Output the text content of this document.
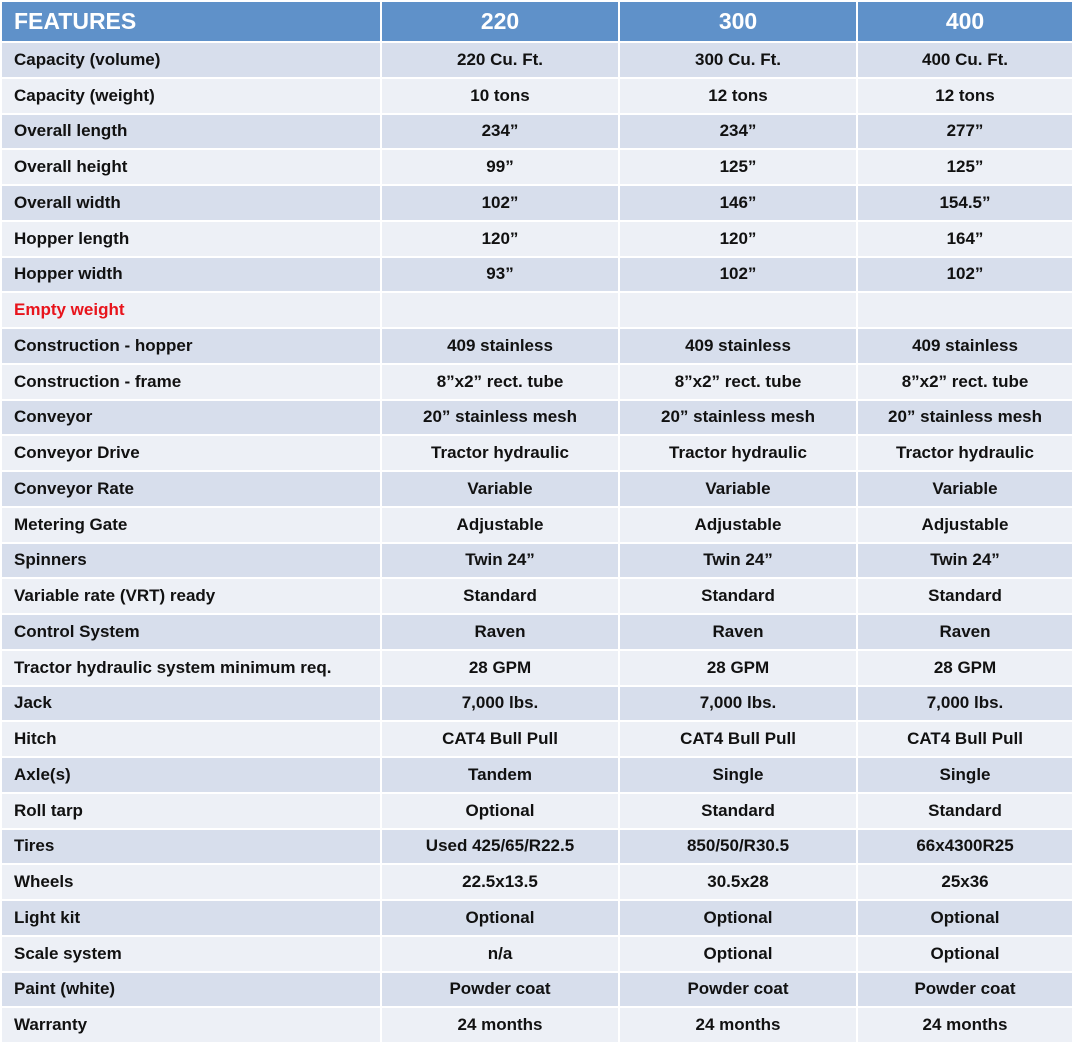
FEATURES	220	300	400
Capacity (volume)	220 Cu. Ft.	300 Cu. Ft.	400 Cu. Ft.
Capacity (weight)	10 tons	12 tons	12 tons
Overall length	234”	234”	277”
Overall height	99”	125”	125”
Overall width	102”	146”	154.5”
Hopper length	120”	120”	164”
Hopper width	93”	102”	102”
Empty weight			
Construction - hopper	409 stainless	409 stainless	409 stainless
Construction - frame	8”x2” rect. tube	8”x2” rect. tube	8”x2” rect. tube
Conveyor	20” stainless mesh	20” stainless mesh	20” stainless mesh
Conveyor Drive	Tractor hydraulic	Tractor hydraulic	Tractor hydraulic
Conveyor Rate	Variable	Variable	Variable
Metering Gate	Adjustable	Adjustable	Adjustable
Spinners	Twin 24”	Twin 24”	Twin 24”
Variable rate (VRT) ready	Standard	Standard	Standard
Control System	Raven	Raven	Raven
Tractor hydraulic system minimum req.	28 GPM	28 GPM	28 GPM
Jack	7,000 lbs.	7,000 lbs.	7,000 lbs.
Hitch	CAT4 Bull Pull	CAT4 Bull Pull	CAT4 Bull Pull
Axle(s)	Tandem	Single	Single
Roll tarp	Optional	Standard	Standard
Tires	Used 425/65/R22.5	850/50/R30.5	66x4300R25
Wheels	22.5x13.5	30.5x28	25x36
Light kit	Optional	Optional	Optional
Scale system	n/a	Optional	Optional
Paint (white)	Powder coat	Powder coat	Powder coat
Warranty	24 months	24 months	24 months
